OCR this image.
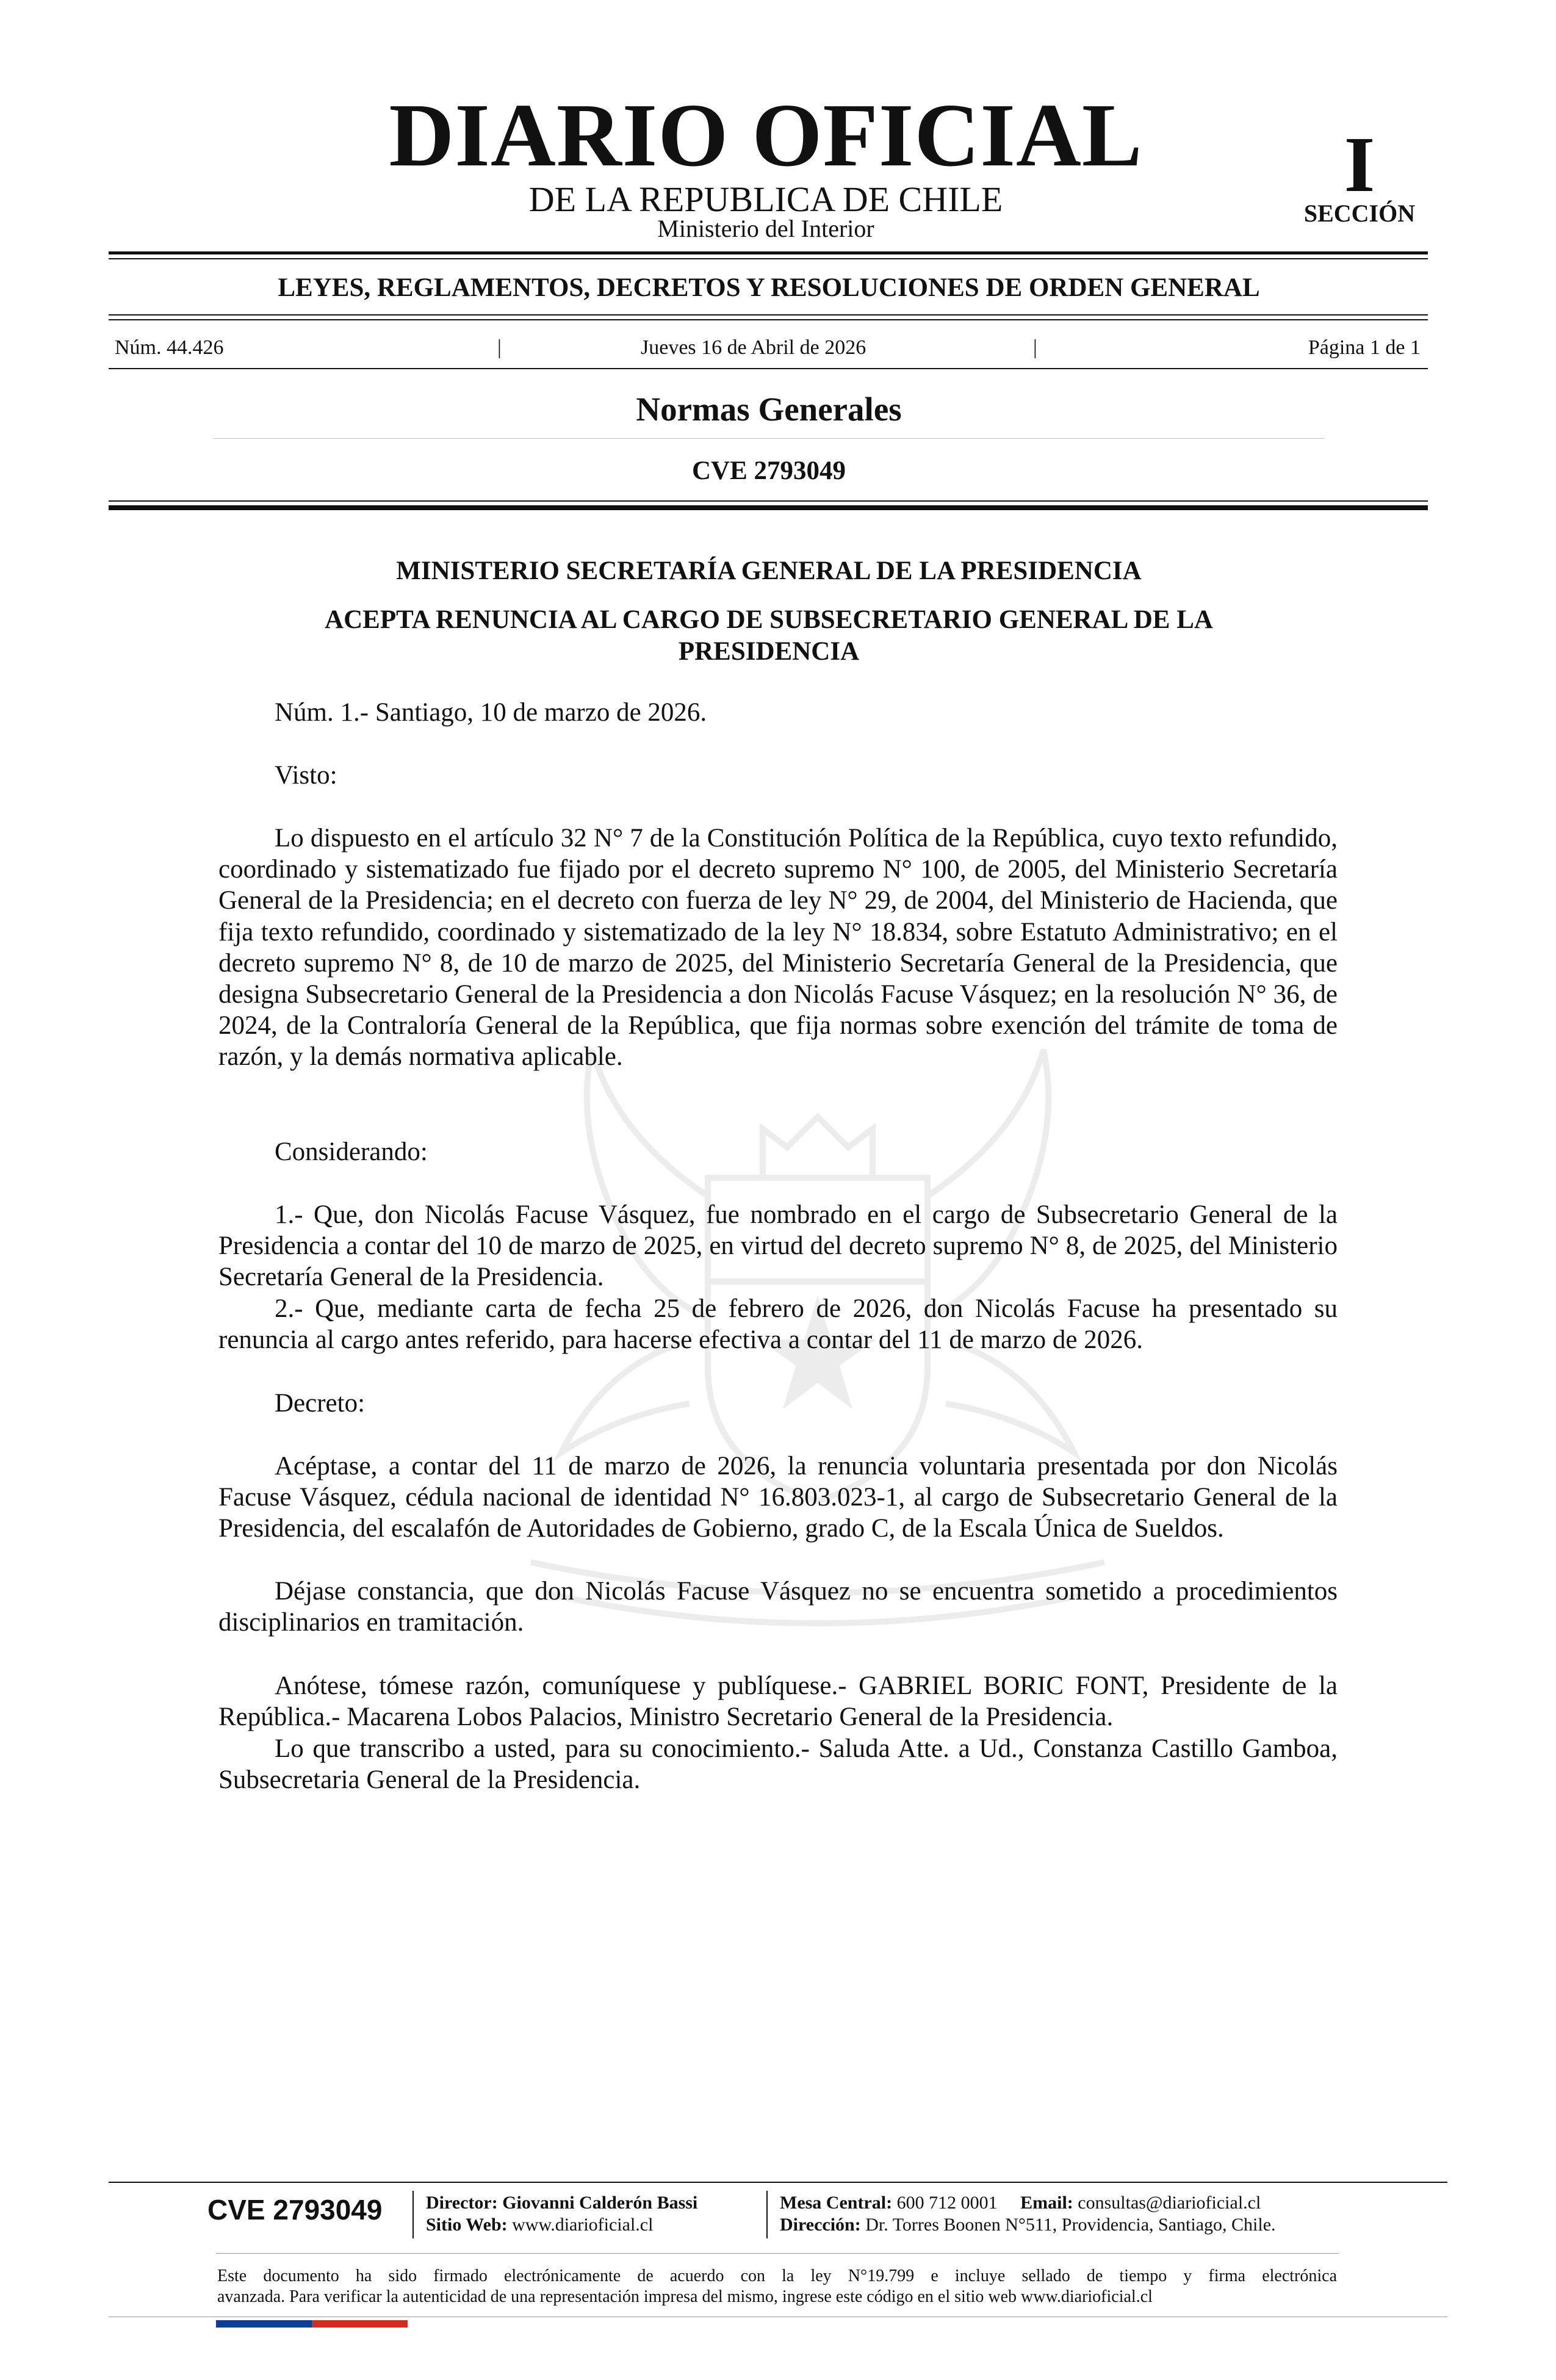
DIARIO OFICIAL
DE LA REPUBLICA DE CHILE
Ministerio del Interior
I
SECCIÓN
LEYES, REGLAMENTOS, DECRETOS Y RESOLUCIONES DE ORDEN GENERAL
Núm. 44.426	|	Jueves 16 de Abril de 2026	|	Página 1 de 1
Normas Generales
CVE 2793049
MINISTERIO SECRETARÍA GENERAL DE LA PRESIDENCIA
ACEPTA RENUNCIA AL CARGO DE SUBSECRETARIO GENERAL DE LA PRESIDENCIA
Núm. 1.- Santiago, 10 de marzo de 2026.
Visto:
Lo dispuesto en el artículo 32 N° 7 de la Constitución Política de la República, cuyo texto refundido, coordinado y sistematizado fue fijado por el decreto supremo N° 100, de 2005, del Ministerio Secretaría General de la Presidencia; en el decreto con fuerza de ley N° 29, de 2004, del Ministerio de Hacienda, que fija texto refundido, coordinado y sistematizado de la ley N° 18.834, sobre Estatuto Administrativo; en el decreto supremo N° 8, de 10 de marzo de 2025, del Ministerio Secretaría General de la Presidencia, que designa Subsecretario General de la Presidencia a don Nicolás Facuse Vásquez; en la resolución N° 36, de 2024, de la Contraloría General de la República, que fija normas sobre exención del trámite de toma de razón, y la demás normativa aplicable.
Considerando:
1.- Que, don Nicolás Facuse Vásquez, fue nombrado en el cargo de Subsecretario General de la Presidencia a contar del 10 de marzo de 2025, en virtud del decreto supremo N° 8, de 2025, del Ministerio Secretaría General de la Presidencia.
2.- Que, mediante carta de fecha 25 de febrero de 2026, don Nicolás Facuse ha presentado su renuncia al cargo antes referido, para hacerse efectiva a contar del 11 de marzo de 2026.
Decreto:
Acéptase, a contar del 11 de marzo de 2026, la renuncia voluntaria presentada por don Nicolás Facuse Vásquez, cédula nacional de identidad N° 16.803.023-1, al cargo de Subsecretario General de la Presidencia, del escalafón de Autoridades de Gobierno, grado C, de la Escala Única de Sueldos.
Déjase constancia, que don Nicolás Facuse Vásquez no se encuentra sometido a procedimientos disciplinarios en tramitación.
Anótese, tómese razón, comuníquese y publíquese.- GABRIEL BORIC FONT, Presidente de la República.- Macarena Lobos Palacios, Ministro Secretario General de la Presidencia.
Lo que transcribo a usted, para su conocimiento.- Saluda Atte. a Ud., Constanza Castillo Gamboa, Subsecretaria General de la Presidencia.
CVE 2793049 Director: Giovanni Calderón Bassi
Sitio Web: www.diarioficial.cl
Mesa Central: 600 712 0001 Email: consultas@diarioficial.cl
Dirección: Dr. Torres Boonen N°511, Providencia, Santiago, Chile.
Este documento ha sido firmado electrónicamente de acuerdo con la ley N°19.799 e incluye sellado de tiempo y firma electrónica
avanzada. Para verificar la autenticidad de una representación impresa del mismo, ingrese este código en el sitio web www.diarioficial.cl
